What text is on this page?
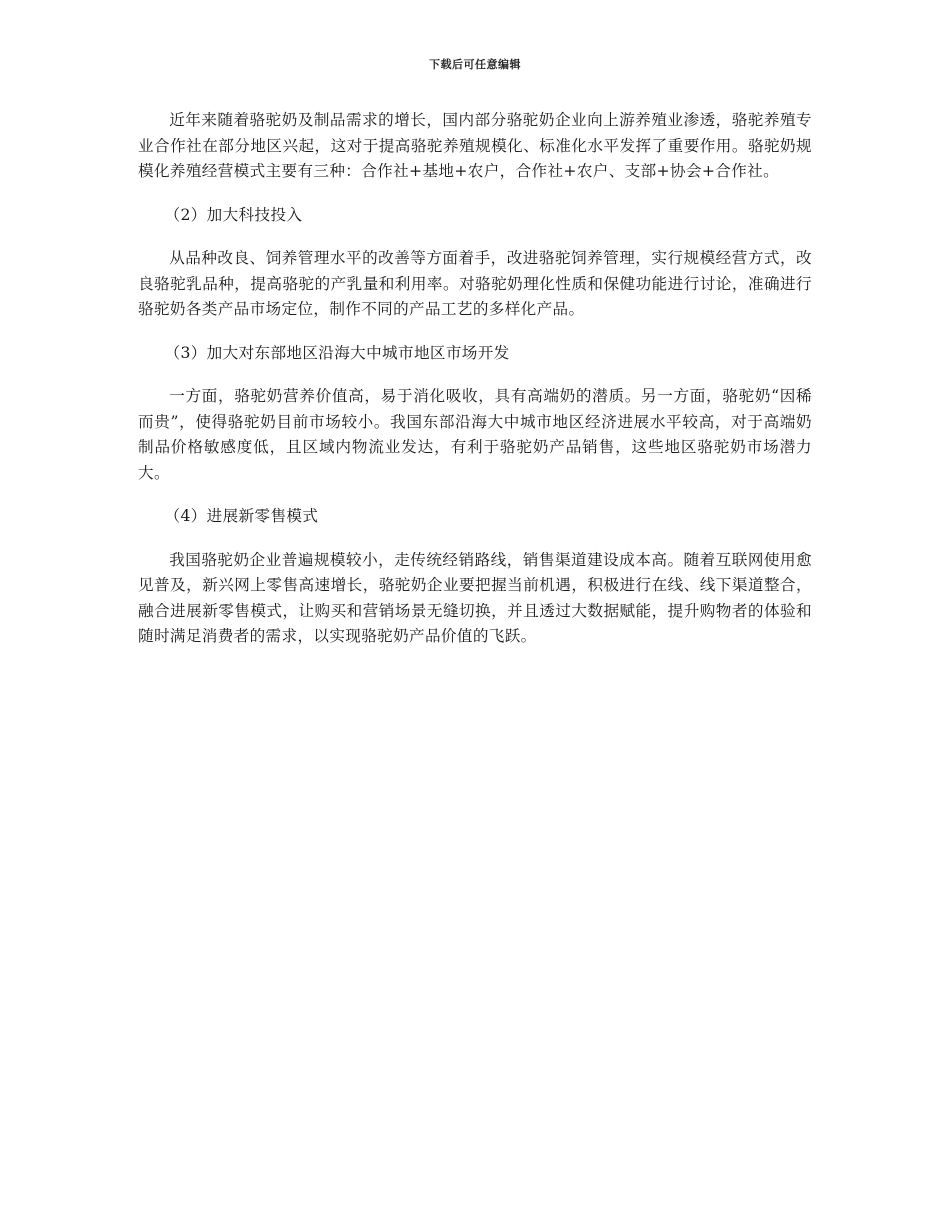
下载后可任意编辑

近年来随着骆驼奶及制品需求的增长，国内部分骆驼奶企业向上游养殖业渗透，骆驼养殖专业合作社在部分地区兴起，这对于提高骆驼养殖规模化、标准化水平发挥了重要作用。骆驼奶规模化养殖经营模式主要有三种：合作社+基地+农户，合作社+农户、支部+协会+合作社。

（2）加大科技投入

从品种改良、饲养管理水平的改善等方面着手，改进骆驼饲养管理，实行规模经营方式，改良骆驼乳品种，提高骆驼的产乳量和利用率。对骆驼奶理化性质和保健功能进行讨论，准确进行骆驼奶各类产品市场定位，制作不同的产品工艺的多样化产品。

（3）加大对东部地区沿海大中城市地区市场开发

一方面，骆驼奶营养价值高，易于消化吸收，具有高端奶的潜质。另一方面，骆驼奶“因稀而贵”，使得骆驼奶目前市场较小。我国东部沿海大中城市地区经济进展水平较高，对于高端奶制品价格敏感度低，且区域内物流业发达，有利于骆驼奶产品销售，这些地区骆驼奶市场潜力大。

（4）进展新零售模式

我国骆驼奶企业普遍规模较小，走传统经销路线，销售渠道建设成本高。随着互联网使用愈见普及，新兴网上零售高速增长，骆驼奶企业要把握当前机遇，积极进行在线、线下渠道整合，融合进展新零售模式，让购买和营销场景无缝切换，并且透过大数据赋能，提升购物者的体验和随时满足消费者的需求，以实现骆驼奶产品价值的飞跃。
